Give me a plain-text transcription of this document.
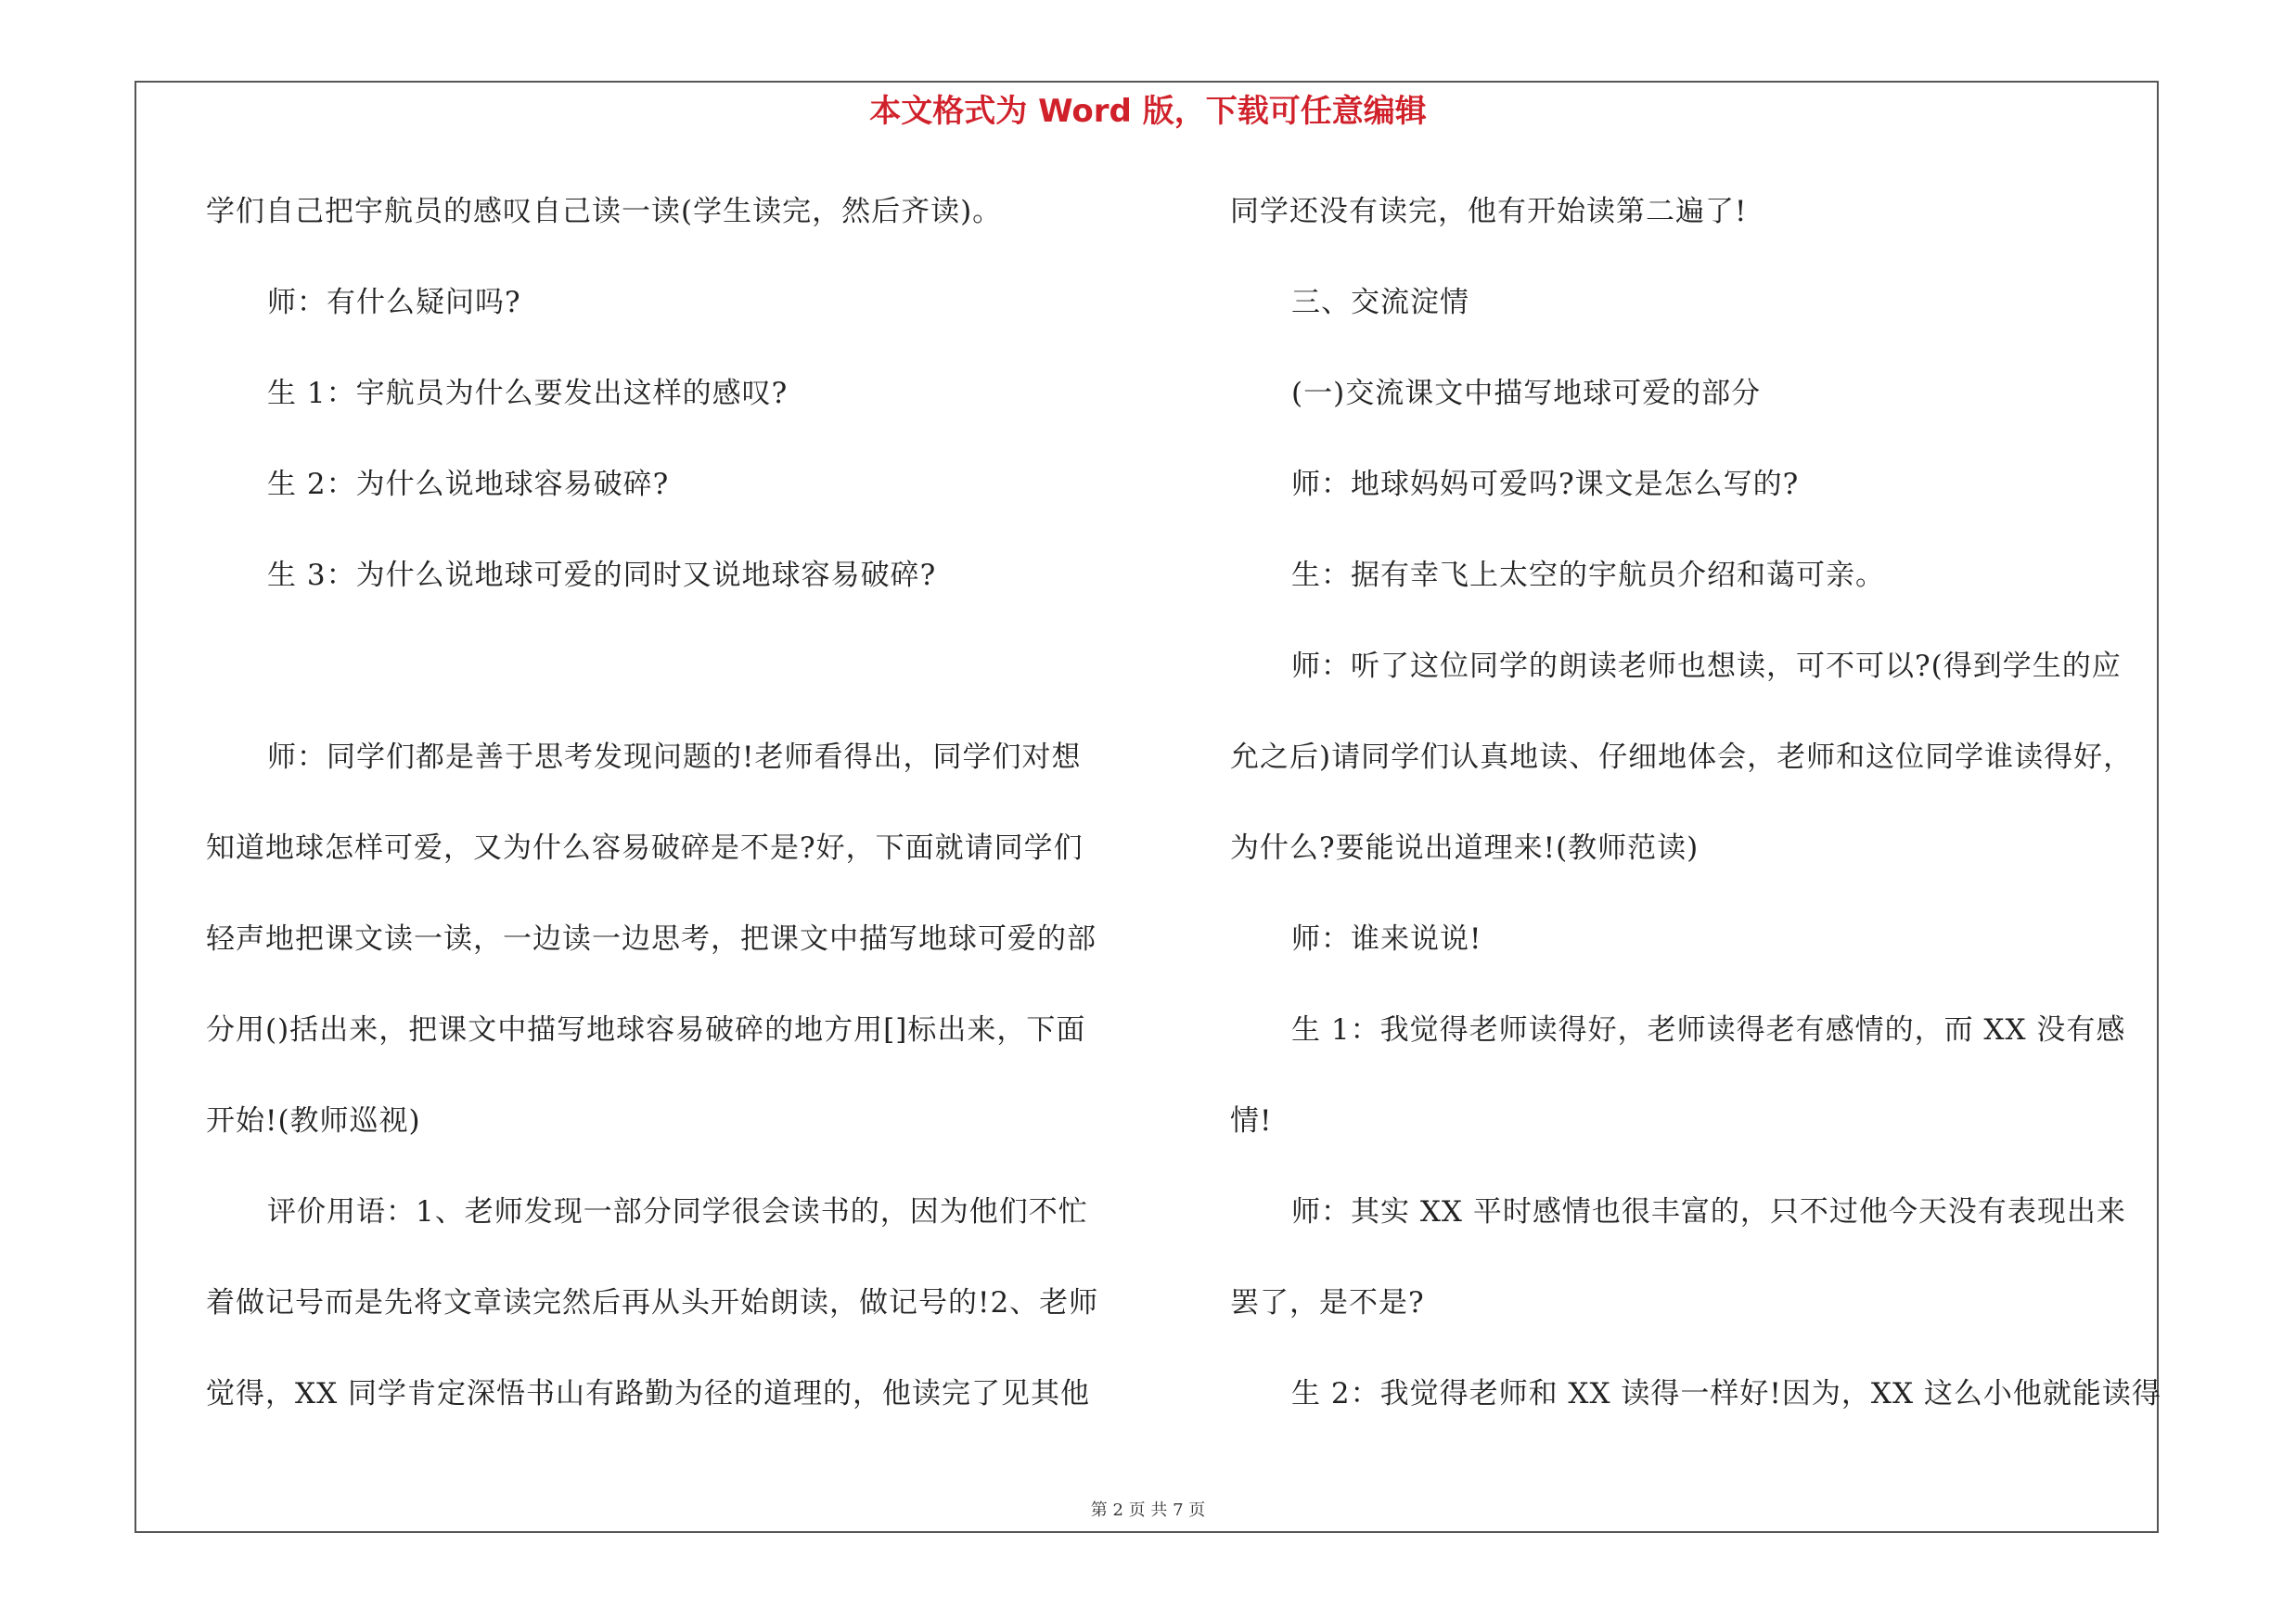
本文格式为 Word 版，下载可任意编辑
学们自己把宇航员的感叹自己读一读(学生读完，然后齐读)。
师：有什么疑问吗?
生 1：宇航员为什么要发出这样的感叹?
生 2：为什么说地球容易破碎?
生 3：为什么说地球可爱的同时又说地球容易破碎?
师：同学们都是善于思考发现问题的!老师看得出，同学们对想
知道地球怎样可爱，又为什么容易破碎是不是?好，下面就请同学们
轻声地把课文读一读，一边读一边思考，把课文中描写地球可爱的部
分用()括出来，把课文中描写地球容易破碎的地方用[]标出来，下面
开始!(教师巡视)
评价用语：1、老师发现一部分同学很会读书的，因为他们不忙
着做记号而是先将文章读完然后再从头开始朗读，做记号的!2、老师
觉得，XX 同学肯定深悟书山有路勤为径的道理的，他读完了见其他
同学还没有读完，他有开始读第二遍了!
三、交流淀情
(一)交流课文中描写地球可爱的部分
师：地球妈妈可爱吗?课文是怎么写的?
生：据有幸飞上太空的宇航员介绍和蔼可亲。
师：听了这位同学的朗读老师也想读，可不可以?(得到学生的应
允之后)请同学们认真地读、仔细地体会，老师和这位同学谁读得好，
为什么?要能说出道理来!(教师范读)
师：谁来说说!
生 1：我觉得老师读得好，老师读得老有感情的，而 XX 没有感
情!
师：其实 XX 平时感情也很丰富的，只不过他今天没有表现出来
罢了，是不是?
生 2：我觉得老师和 XX 读得一样好!因为，XX 这么小他就能读得
第 2 页 共 7 页
